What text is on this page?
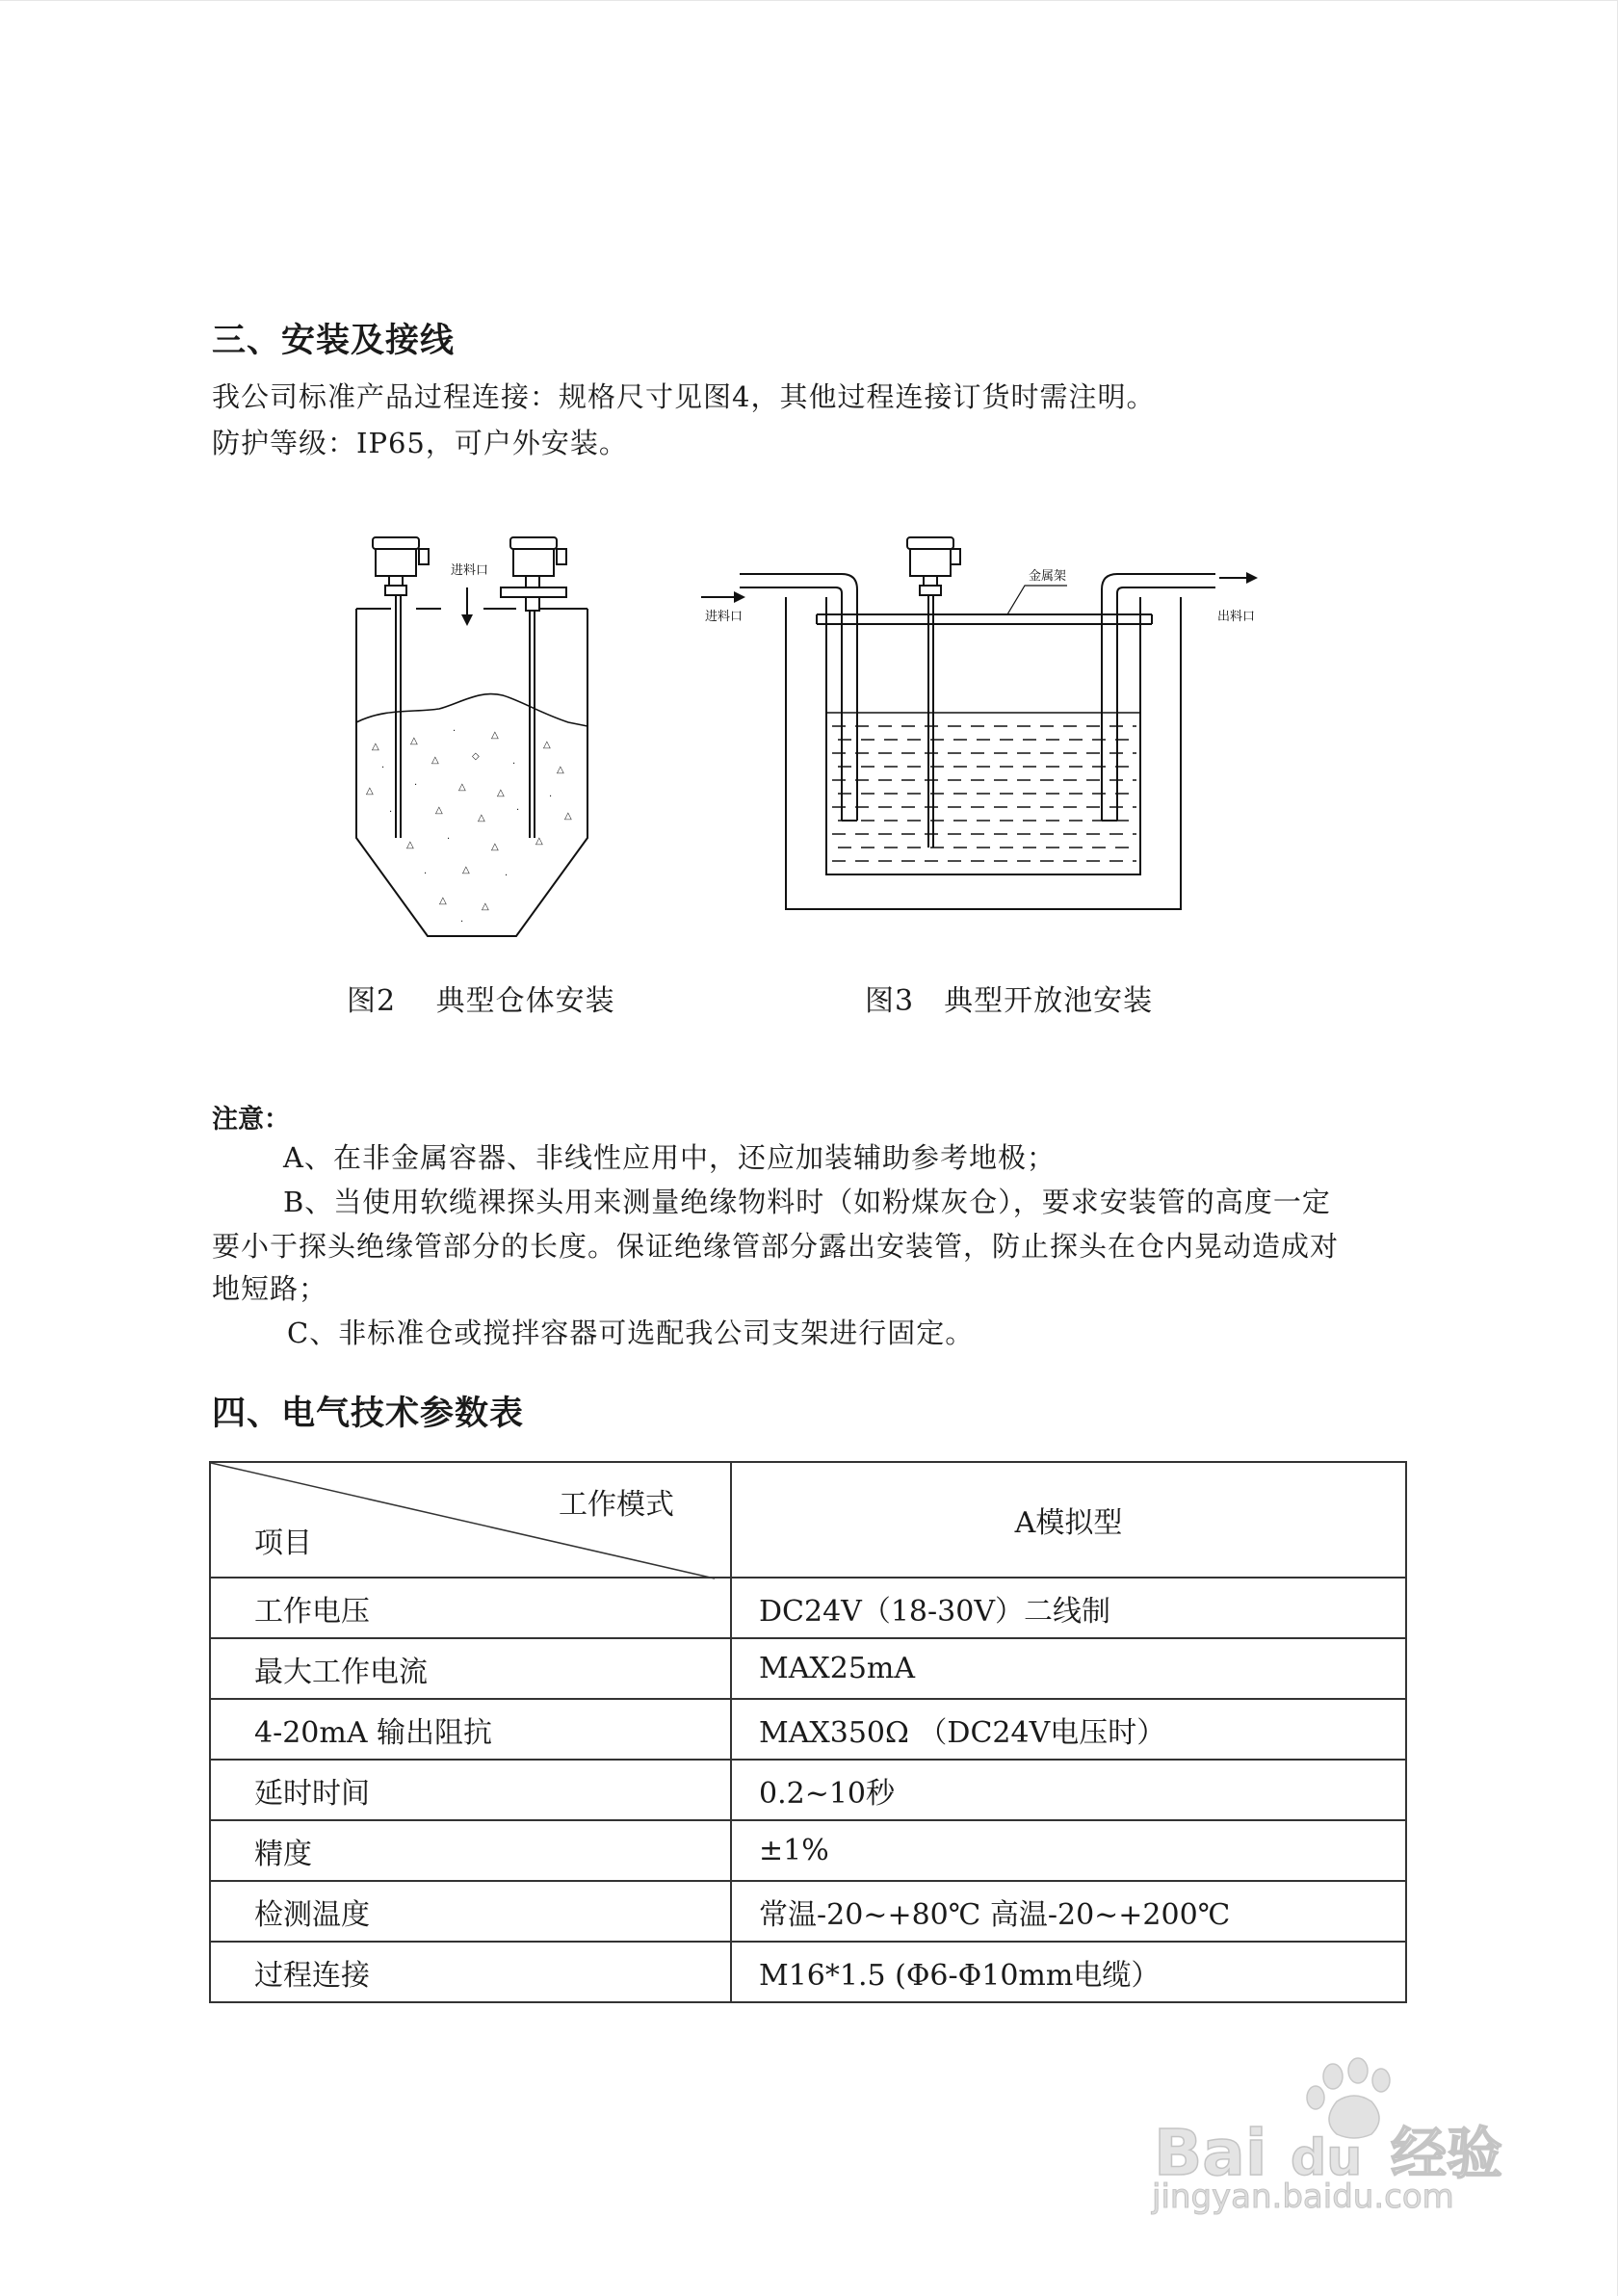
三、安装及接线
我公司标准产品过程连接：规格尺寸见图4，其他过程连接订货时需注明。
防护等级：IP65，可户外安装。
△
△
·	△
△
·
△	◇
·
△
△
·	△
△	·
·	△
△
·
△
△
·
△
△
·	△
·
△
△
·
进料口
进料口	出料口
金属架
图2　 典型仓体安装	图3　典型开放池安装
注意：
A、在非金属容器、非线性应用中，还应加装辅助参考地极；
B、当使用软缆裸探头用来测量绝缘物料时（如粉煤灰仓），要求安装管的高度一定
要小于探头绝缘管部分的长度。保证绝缘管部分露出安装管，防止探头在仓内晃动造成对
地短路；
C、非标准仓或搅拌容器可选配我公司支架进行固定。
四、电气技术参数表
工作模式
项目	A模拟型
工作电压	DC24V（18-30V）二线制
最大工作电流	MAX25mA
4-20mA 输出阻抗	MAX350Ω （DC24V电压时）
延时时间	0.2~10秒
精度	±1%
检测温度	常温-20~+80℃ 高温-20~+200℃
过程连接	M16*1.5 (Φ6-Φ10mm电缆）
Bai du 经验
jingyan.baidu.com
